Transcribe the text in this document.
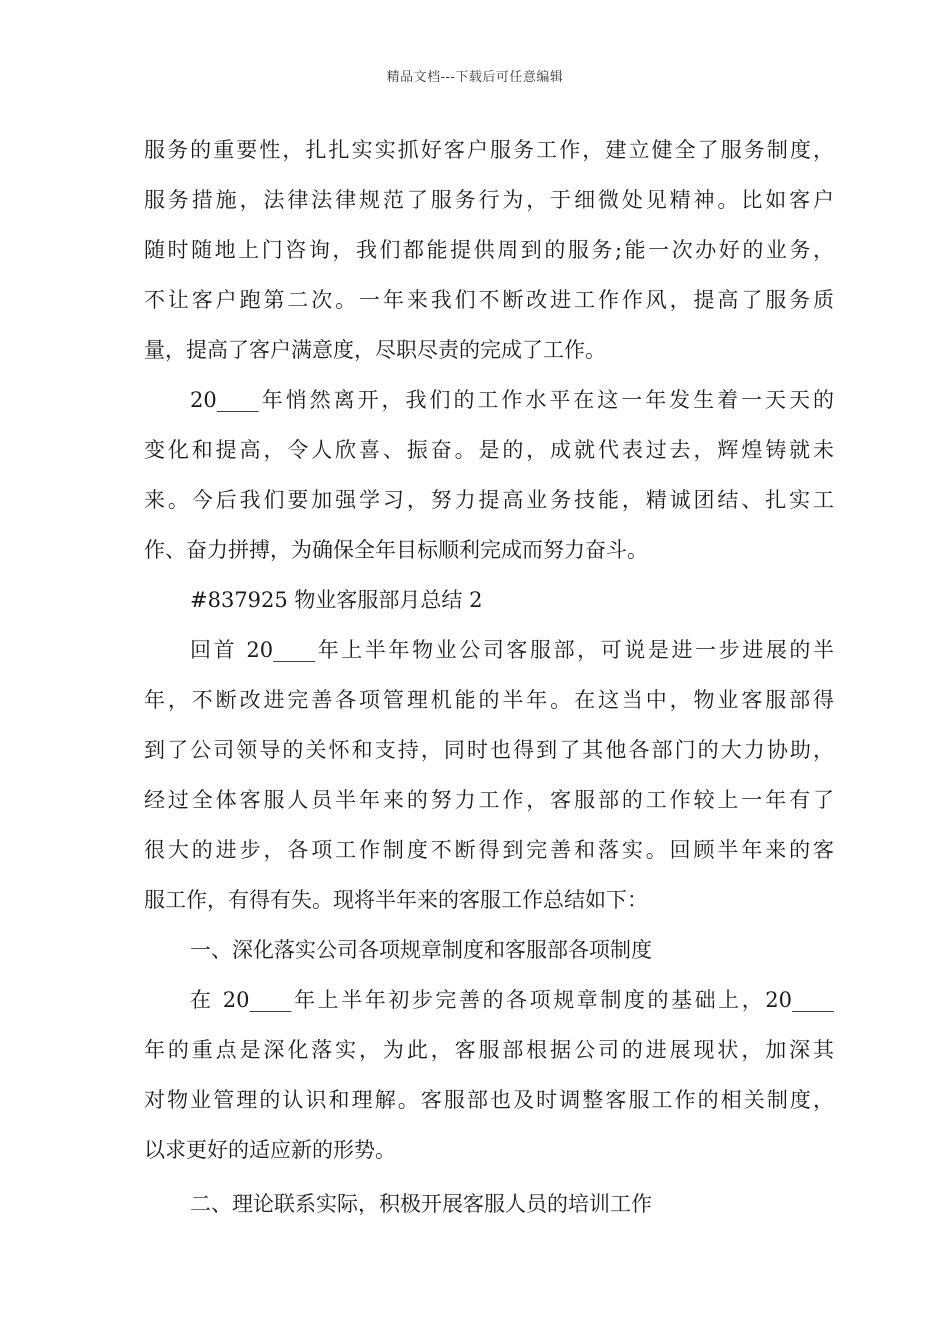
精品文档---下载后可任意编辑
服务的重要性，扎扎实实抓好客户服务工作，建立健全了服务制度，
服务措施，法律法律规范了服务行为，于细微处见精神。比如客户
随时随地上门咨询，我们都能提供周到的服务;能一次办好的业务，
不让客户跑第二次。一年来我们不断改进工作作风，提高了服务质
量，提高了客户满意度，尽职尽责的完成了工作。
20____年悄然离开，我们的工作水平在这一年发生着一天天的
变化和提高，令人欣喜、振奋。是的，成就代表过去，辉煌铸就未
来。今后我们要加强学习，努力提高业务技能，精诚团结、扎实工
作、奋力拼搏，为确保全年目标顺利完成而努力奋斗。
#837925 物业客服部月总结 2
回首 20____年上半年物业公司客服部，可说是进一步进展的半
年，不断改进完善各项管理机能的半年。在这当中，物业客服部得
到了公司领导的关怀和支持，同时也得到了其他各部门的大力协助，
经过全体客服人员半年来的努力工作，客服部的工作较上一年有了
很大的进步，各项工作制度不断得到完善和落实。回顾半年来的客
服工作，有得有失。现将半年来的客服工作总结如下：
一、深化落实公司各项规章制度和客服部各项制度
在 20____年上半年初步完善的各项规章制度的基础上，20____
年的重点是深化落实，为此，客服部根据公司的进展现状，加深其
对物业管理的认识和理解。客服部也及时调整客服工作的相关制度，
以求更好的适应新的形势。
二、理论联系实际，积极开展客服人员的培训工作
